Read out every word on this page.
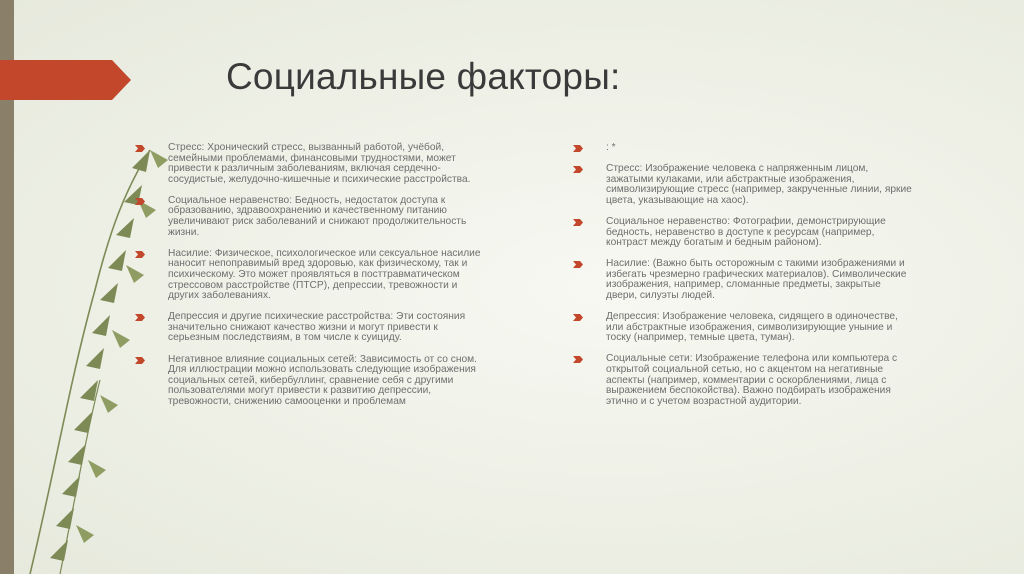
Социальные факторы:
Стресс: Хронический стресс, вызванный работой, учёбой, семейными проблемами, финансовыми трудностями, может привести к различным заболеваниям, включая сердечно-сосудистые, желудочно-кишечные и психические расстройства.
Социальное неравенство: Бедность, недостаток доступа к образованию, здравоохранению и качественному питанию увеличивают риск заболеваний и снижают продолжительность жизни.
Насилие: Физическое, психологическое или сексуальное насилие наносит непоправимый вред здоровью, как физическому, так и психическому. Это может проявляться в посттравматическом стрессовом расстройстве (ПТСР), депрессии, тревожности и других заболеваниях.
Депрессия и другие психические расстройства: Эти состояния значительно снижают качество жизни и могут привести к серьезным последствиям, в том числе к суициду.
Негативное влияние социальных сетей: Зависимость от со сном. Для иллюстрации можно использовать следующие изображения социальных сетей, кибербуллинг, сравнение себя с другими пользователями могут привести к развитию депрессии, тревожности, снижению самооценки и проблемам
: *
Стресс: Изображение человека с напряженным лицом, зажатыми кулаками, или абстрактные изображения, символизирующие стресс (например, закрученные линии, яркие цвета, указывающие на хаос).
Социальное неравенство: Фотографии, демонстрирующие бедность, неравенство в доступе к ресурсам (например, контраст между богатым и бедным районом).
Насилие: (Важно быть осторожным с такими изображениями и избегать чрезмерно графических материалов). Символические изображения, например, сломанные предметы, закрытые двери, силуэты людей.
Депрессия: Изображение человека, сидящего в одиночестве, или абстрактные изображения, символизирующие уныние и тоску (например, темные цвета, туман).
Социальные сети: Изображение телефона или компьютера с открытой социальной сетью, но с акцентом на негативные аспекты (например, комментарии с оскорблениями, лица с выражением беспокойства). Важно подбирать изображения этично и с учетом возрастной аудитории.
